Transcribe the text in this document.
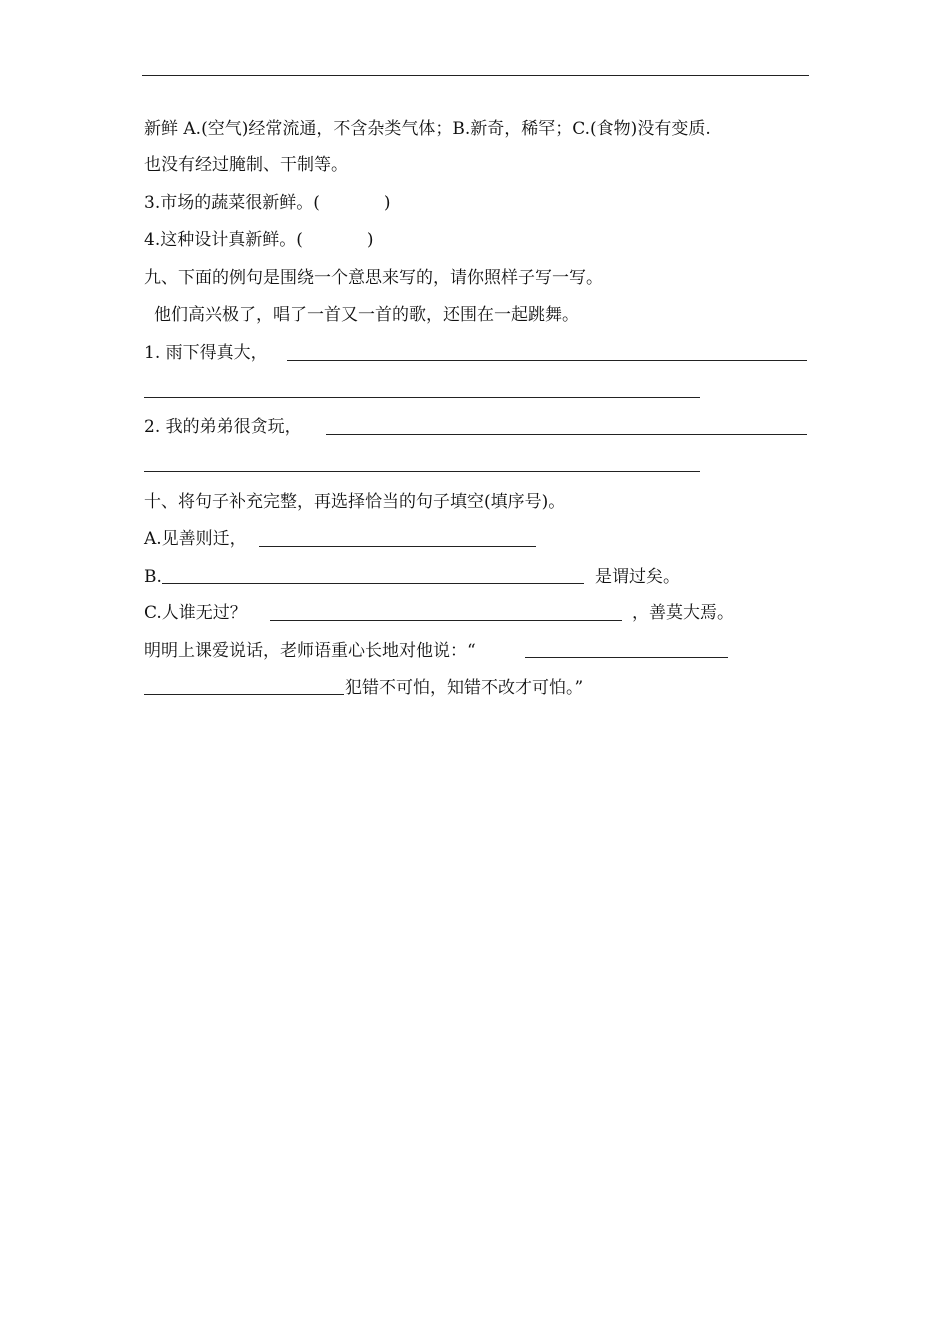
新鲜 A.(空气)经常流通，不含杂类气体；B.新奇，稀罕；C.(食物)没有变质.
也没有经过腌制、干制等。
3.市场的蔬菜很新鲜。(	)
4.这种设计真新鲜。(	)
九、下面的例句是围绕一个意思来写的，请你照样子写一写。
他们高兴极了，唱了一首又一首的歌，还围在一起跳舞。
1. 雨下得真大，
2. 我的弟弟很贪玩，
十、将句子补充完整，再选择恰当的句子填空(填序号)。
A.见善则迁，
B.	是谓过矣。
C.人谁无过？	，善莫大焉。
明明上课爱说话，老师语重心长地对他说：“
犯错不可怕，知错不改才可怕。”
